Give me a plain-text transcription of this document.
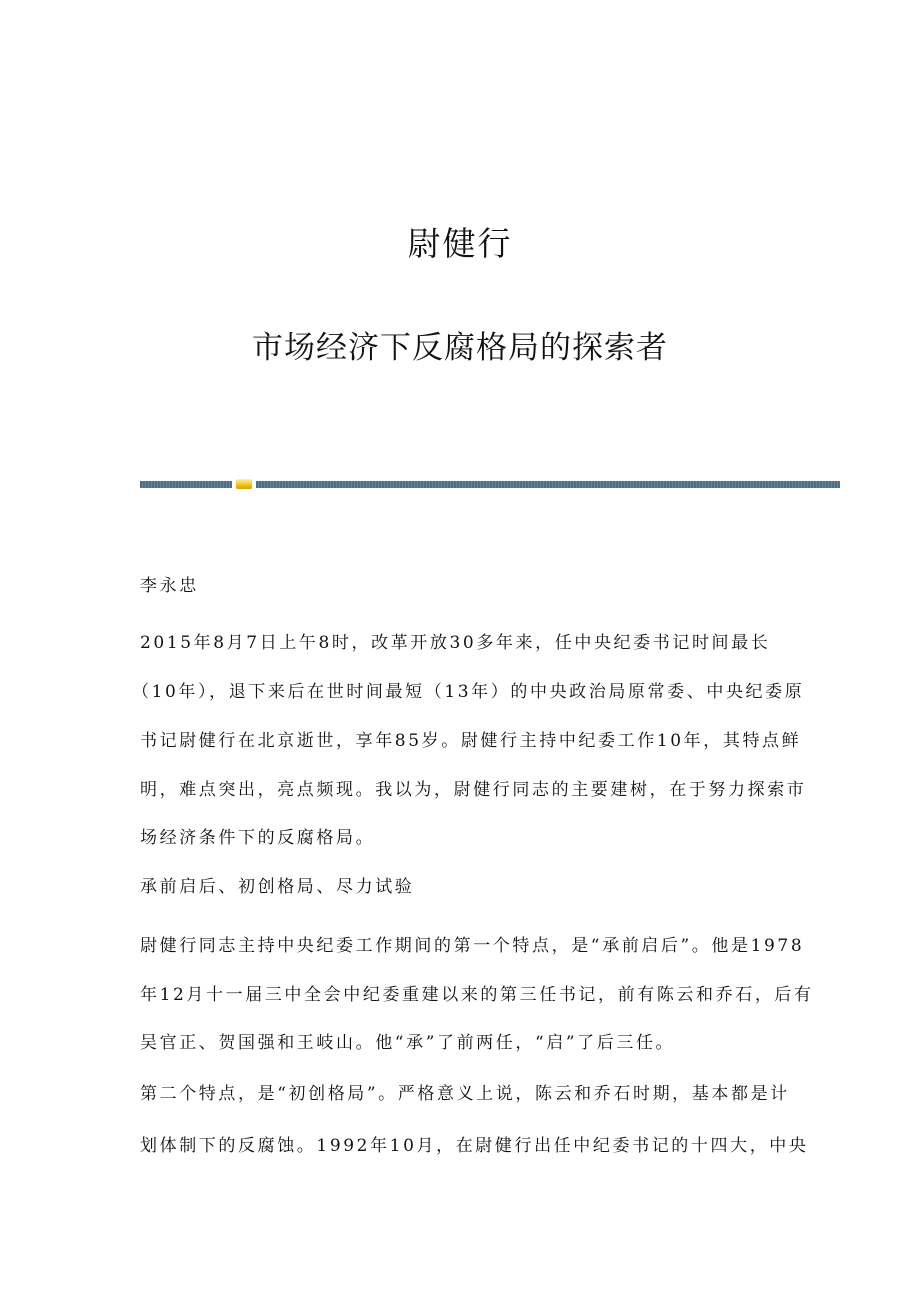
尉健行
市场经济下反腐格局的探索者
李永忠
2015年8月7日上午8时，改革开放30多年来，任中央纪委书记时间最长
（10年），退下来后在世时间最短（13年）的中央政治局原常委、中央纪委原
书记尉健行在北京逝世，享年85岁。尉健行主持中纪委工作10年，其特点鲜
明，难点突出，亮点频现。我以为，尉健行同志的主要建树，在于努力探索市
场经济条件下的反腐格局。
承前启后、初创格局、尽力试验
尉健行同志主持中央纪委工作期间的第一个特点，是“承前启后”。他是1978
年12月十一届三中全会中纪委重建以来的第三任书记，前有陈云和乔石，后有
吴官正、贺国强和王岐山。他“承”了前两任，“启”了后三任。
第二个特点，是“初创格局”。严格意义上说，陈云和乔石时期，基本都是计
划体制下的反腐蚀。1992年10月，在尉健行出任中纪委书记的十四大，中央
